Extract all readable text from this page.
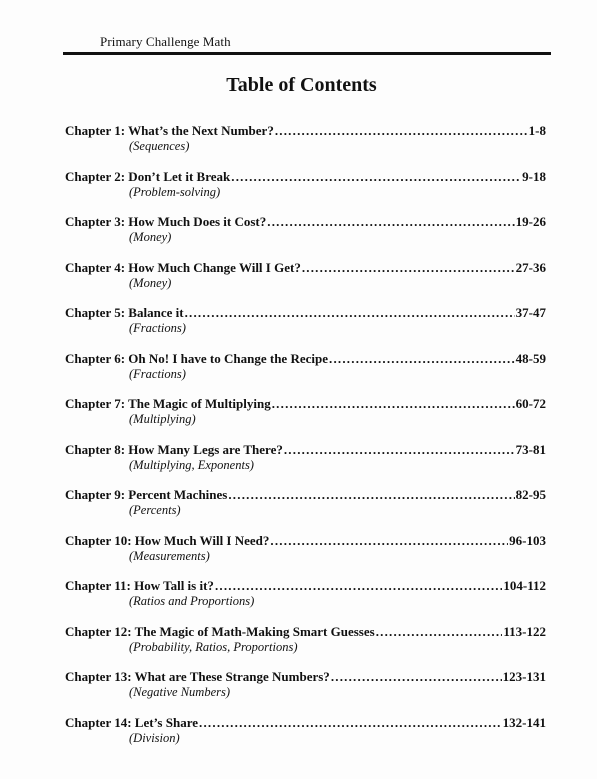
Primary Challenge Math
Table of Contents
Chapter 1: What’s the Next Number? .....	1-8
(Sequences)
Chapter 2: Don’t Let it Break .....	9-18
(Problem-solving)
Chapter 3: How Much Does it Cost? .....	19-26
(Money)
Chapter 4: How Much Change Will I Get? .....	27-36
(Money)
Chapter 5: Balance it .....	37-47
(Fractions)
Chapter 6: Oh No! I have to Change the Recipe .....	48-59
(Fractions)
Chapter 7: The Magic of Multiplying .....	60-72
(Multiplying)
Chapter 8: How Many Legs are There? .....	73-81
(Multiplying, Exponents)
Chapter 9: Percent Machines .....	82-95
(Percents)
Chapter 10: How Much Will I Need? .....	96-103
(Measurements)
Chapter 11: How Tall is it? .....	104-112
(Ratios and Proportions)
Chapter 12: The Magic of Math-Making Smart Guesses .....	113-122
(Probability, Ratios, Proportions)
Chapter 13: What are These Strange Numbers? .....	123-131
(Negative Numbers)
Chapter 14: Let’s Share .....	132-141
(Division)
